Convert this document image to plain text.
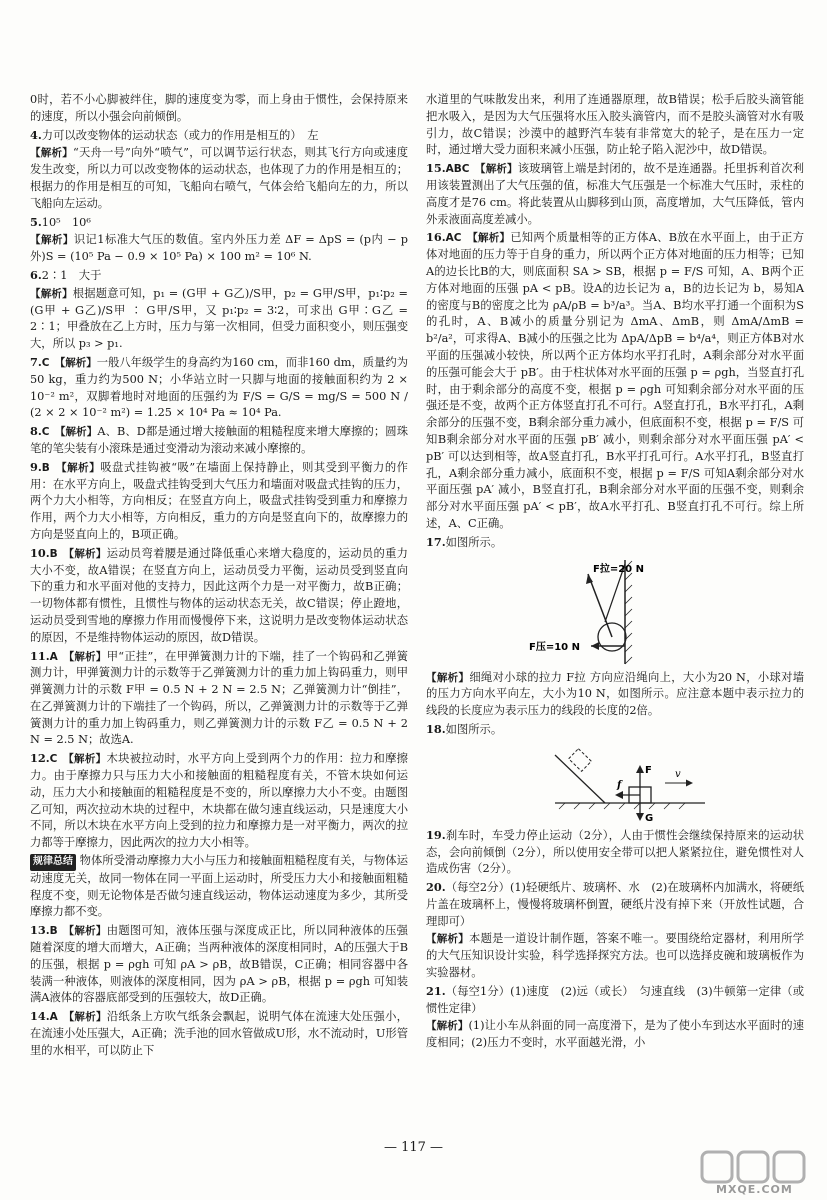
0时，若不小心脚被绊住，脚的速度变为零，而上身由于惯性，会保持原来的速度，所以小强会向前倾倒。
4.力可以改变物体的运动状态（或力的作用是相互的）　左
【解析】“天舟一号”向外“喷气”，可以调节运行状态，则其飞行方向或速度发生改变，所以力可以改变物体的运动状态，也体现了力的作用是相互的；根据力的作用是相互的可知，飞船向右喷气，气体会给飞船向左的力，所以飞船向左运动。
5.10⁵　10⁶
【解析】识记1标准大气压的数值。室内外压力差 ΔF = ΔpS = (p内 − p外)S = (10⁵ Pa − 0.9 × 10⁵ Pa) × 100 m² = 10⁶ N.
6.2∶1　大于
【解析】根据题意可知，p₁ = (G甲 + G乙)/S甲，p₂ = G甲/S甲，p₁∶p₂ = (G甲 + G乙)/S甲 ∶ G甲/S甲，又 p₁∶p₂ = 3∶2，可求出 G甲∶G乙 = 2∶1；甲叠放在乙上方时，压力与第一次相同，但受力面积变小，则压强变大，所以 p₃ > p₁.
7.C　【解析】一般八年级学生的身高约为160 cm，而非160 dm，质量约为50 kg，重力约为500 N；小华站立时一只脚与地面的接触面积约为 2 × 10⁻² m²，双脚着地时对地面的压强约为 F/S = G/S = mg/S = 500 N / (2 × 2 × 10⁻² m²) = 1.25 × 10⁴ Pa ≈ 10⁴ Pa.
8.C　【解析】A、B、D都是通过增大接触面的粗糙程度来增大摩擦的；圆珠笔的笔尖装有小滚珠是通过变滑动为滚动来减小摩擦的。
9.B　【解析】吸盘式挂钩被“吸”在墙面上保持静止，则其受到平衡力的作用：在水平方向上，吸盘式挂钩受到大气压力和墙面对吸盘式挂钩的压力，两个力大小相等，方向相反；在竖直方向上，吸盘式挂钩受到重力和摩擦力作用，两个力大小相等，方向相反，重力的方向是竖直向下的，故摩擦力的方向是竖直向上的，B项正确。
10.B　【解析】运动员弯着腰是通过降低重心来增大稳度的，运动员的重力大小不变，故A错误；在竖直方向上，运动员受力平衡，运动员受到竖直向下的重力和水平面对他的支持力，因此这两个力是一对平衡力，故B正确；一切物体都有惯性，且惯性与物体的运动状态无关，故C错误；停止蹬地，运动员受到雪地的摩擦力作用而慢慢停下来，这说明力是改变物体运动状态的原因，不是维持物体运动的原因，故D错误。
11.A　【解析】甲“正挂”，在甲弹簧测力计的下端，挂了一个钩码和乙弹簧测力计，甲弹簧测力计的示数等于乙弹簧测力计的重力加上钩码重力，则甲弹簧测力计的示数 F甲 = 0.5 N + 2 N = 2.5 N；乙弹簧测力计“倒挂”，在乙弹簧测力计的下端挂了一个钩码，所以，乙弹簧测力计的示数等于乙弹簧测力计的重力加上钩码重力，则乙弹簧测力计的示数 F乙 = 0.5 N + 2 N = 2.5 N；故选A.
12.C　【解析】木块被拉动时，水平方向上受到两个力的作用：拉力和摩擦力。由于摩擦力只与压力大小和接触面的粗糙程度有关，不管木块如何运动，压力大小和接触面的粗糙程度是不变的，所以摩擦力大小不变。由题图乙可知，两次拉动木块的过程中，木块都在做匀速直线运动，只是速度大小不同，所以木块在水平方向上受到的拉力和摩擦力是一对平衡力，两次的拉力都等于摩擦力，因此两次的拉力大小相等。
规律总结 物体所受滑动摩擦力大小与压力和接触面粗糙程度有关，与物体运动速度无关，故同一物体在同一平面上运动时，所受压力大小和接触面粗糙程度不变，则无论物体是否做匀速直线运动，物体运动速度为多少，其所受摩擦力都不变。
13.B　【解析】由题图可知，液体压强与深度成正比，所以同种液体的压强随着深度的增大而增大，A正确；当两种液体的深度相同时，A的压强大于B的压强，根据 p = ρgh 可知 ρA > ρB，故B错误，C正确；相同容器中各装满一种液体，则液体的深度相同，因为 ρA > ρB，根据 p = ρgh 可知装满A液体的容器底部受到的压强较大，故D正确。
14.A　【解析】沿纸条上方吹气纸条会飘起，说明气体在流速大处压强小，在流速小处压强大，A正确；洗手池的回水管做成U形，水不流动时，U形管里的水相平，可以防止下
水道里的气味散发出来，利用了连通器原理，故B错误；松手后胶头滴管能把水吸入，是因为大气压强将水压入胶头滴管内，而不是胶头滴管对水有吸引力，故C错误；沙漠中的越野汽车装有非常宽大的轮子，是在压力一定时，通过增大受力面积来减小压强，防止轮子陷入泥沙中，故D错误。
15.ABC　【解析】该玻璃管上端是封闭的，故不是连通器。托里拆利首次利用该装置测出了大气压强的值，标准大气压强是一个标准大气压时，汞柱的高度才是76 cm。将此装置从山脚移到山顶，高度增加，大气压降低，管内外汞液面高度差减小。
16.AC　【解析】已知两个质量相等的正方体A、B放在水平面上，由于正方体对地面的压力等于自身的重力，所以两个正方体对地面的压力相等；已知A的边长比B的大，则底面积 SA > SB，根据 p = F/S 可知，A、B两个正方体对地面的压强 pA < pB。设A的边长记为 a，B的边长记为 b，易知A的密度与B的密度之比为 ρA/ρB = b³/a³。当A、B均水平打通一个面积为S的孔时，A、B减小的质量分别记为 ΔmA、ΔmB，则 ΔmA/ΔmB = b²/a²，可求得A、B减小的压强之比为 ΔpA/ΔpB = b⁴/a⁴，则正方体B对水平面的压强减小较快，所以两个正方体均水平打孔时，A剩余部分对水平面的压强可能会大于 pB′。由于柱状体对水平面的压强 p = ρgh，当竖直打孔时，由于剩余部分的高度不变，根据 p = ρgh 可知剩余部分对水平面的压强还是不变，故两个正方体竖直打孔不可行。A竖直打孔，B水平打孔，A剩余部分的压强不变，B剩余部分重力减小，但底面积不变，根据 p = F/S 可知B剩余部分对水平面的压强 pB′ 减小，则剩余部分对水平面压强 pA′ < pB′ 可以达到相等，故A竖直打孔，B水平打孔可行。A水平打孔，B竖直打孔，A剩余部分重力减小，底面积不变，根据 p = F/S 可知A剩余部分对水平面压强 pA′ 减小，B竖直打孔，B剩余部分对水平面的压强不变，则剩余部分对水平面压强 pA′ < pB′，故A水平打孔、B竖直打孔不可行。综上所述，A、C正确。
17.如图所示。
F拉=20 N
F压=10 N
【解析】细绳对小球的拉力 F拉 方向应沿绳向上，大小为20 N，小球对墙的压力方向水平向左，大小为10 N，如图所示。应注意本题中表示拉力的线段的长度应为表示压力的线段的长度的2倍。
18.如图所示。
F
G
f
v
19.刹车时，车受力停止运动（2分），人由于惯性会继续保持原来的运动状态，会向前倾倒（2分），所以使用安全带可以把人紧紧拉住，避免惯性对人造成伤害（2分）。
20.（每空2分）(1)轻硬纸片、玻璃杯、水　(2)在玻璃杯内加满水，将硬纸片盖在玻璃杯上，慢慢将玻璃杯倒置，硬纸片没有掉下来（开放性试题，合理即可）
【解析】本题是一道设计制作题，答案不唯一。要围绕给定器材，利用所学的大气压知识设计实验，科学选择探究方法。也可以选择皮碗和玻璃板作为实验器材。
21.（每空1分）(1)速度　(2)远（或长）　匀速直线　(3)牛顿第一定律（或惯性定律）
【解析】(1)让小车从斜面的同一高度滑下，是为了使小车到达水平面时的速度相同；(2)压力不变时，水平面越光滑，小
— 117 —
MXQE.COM
